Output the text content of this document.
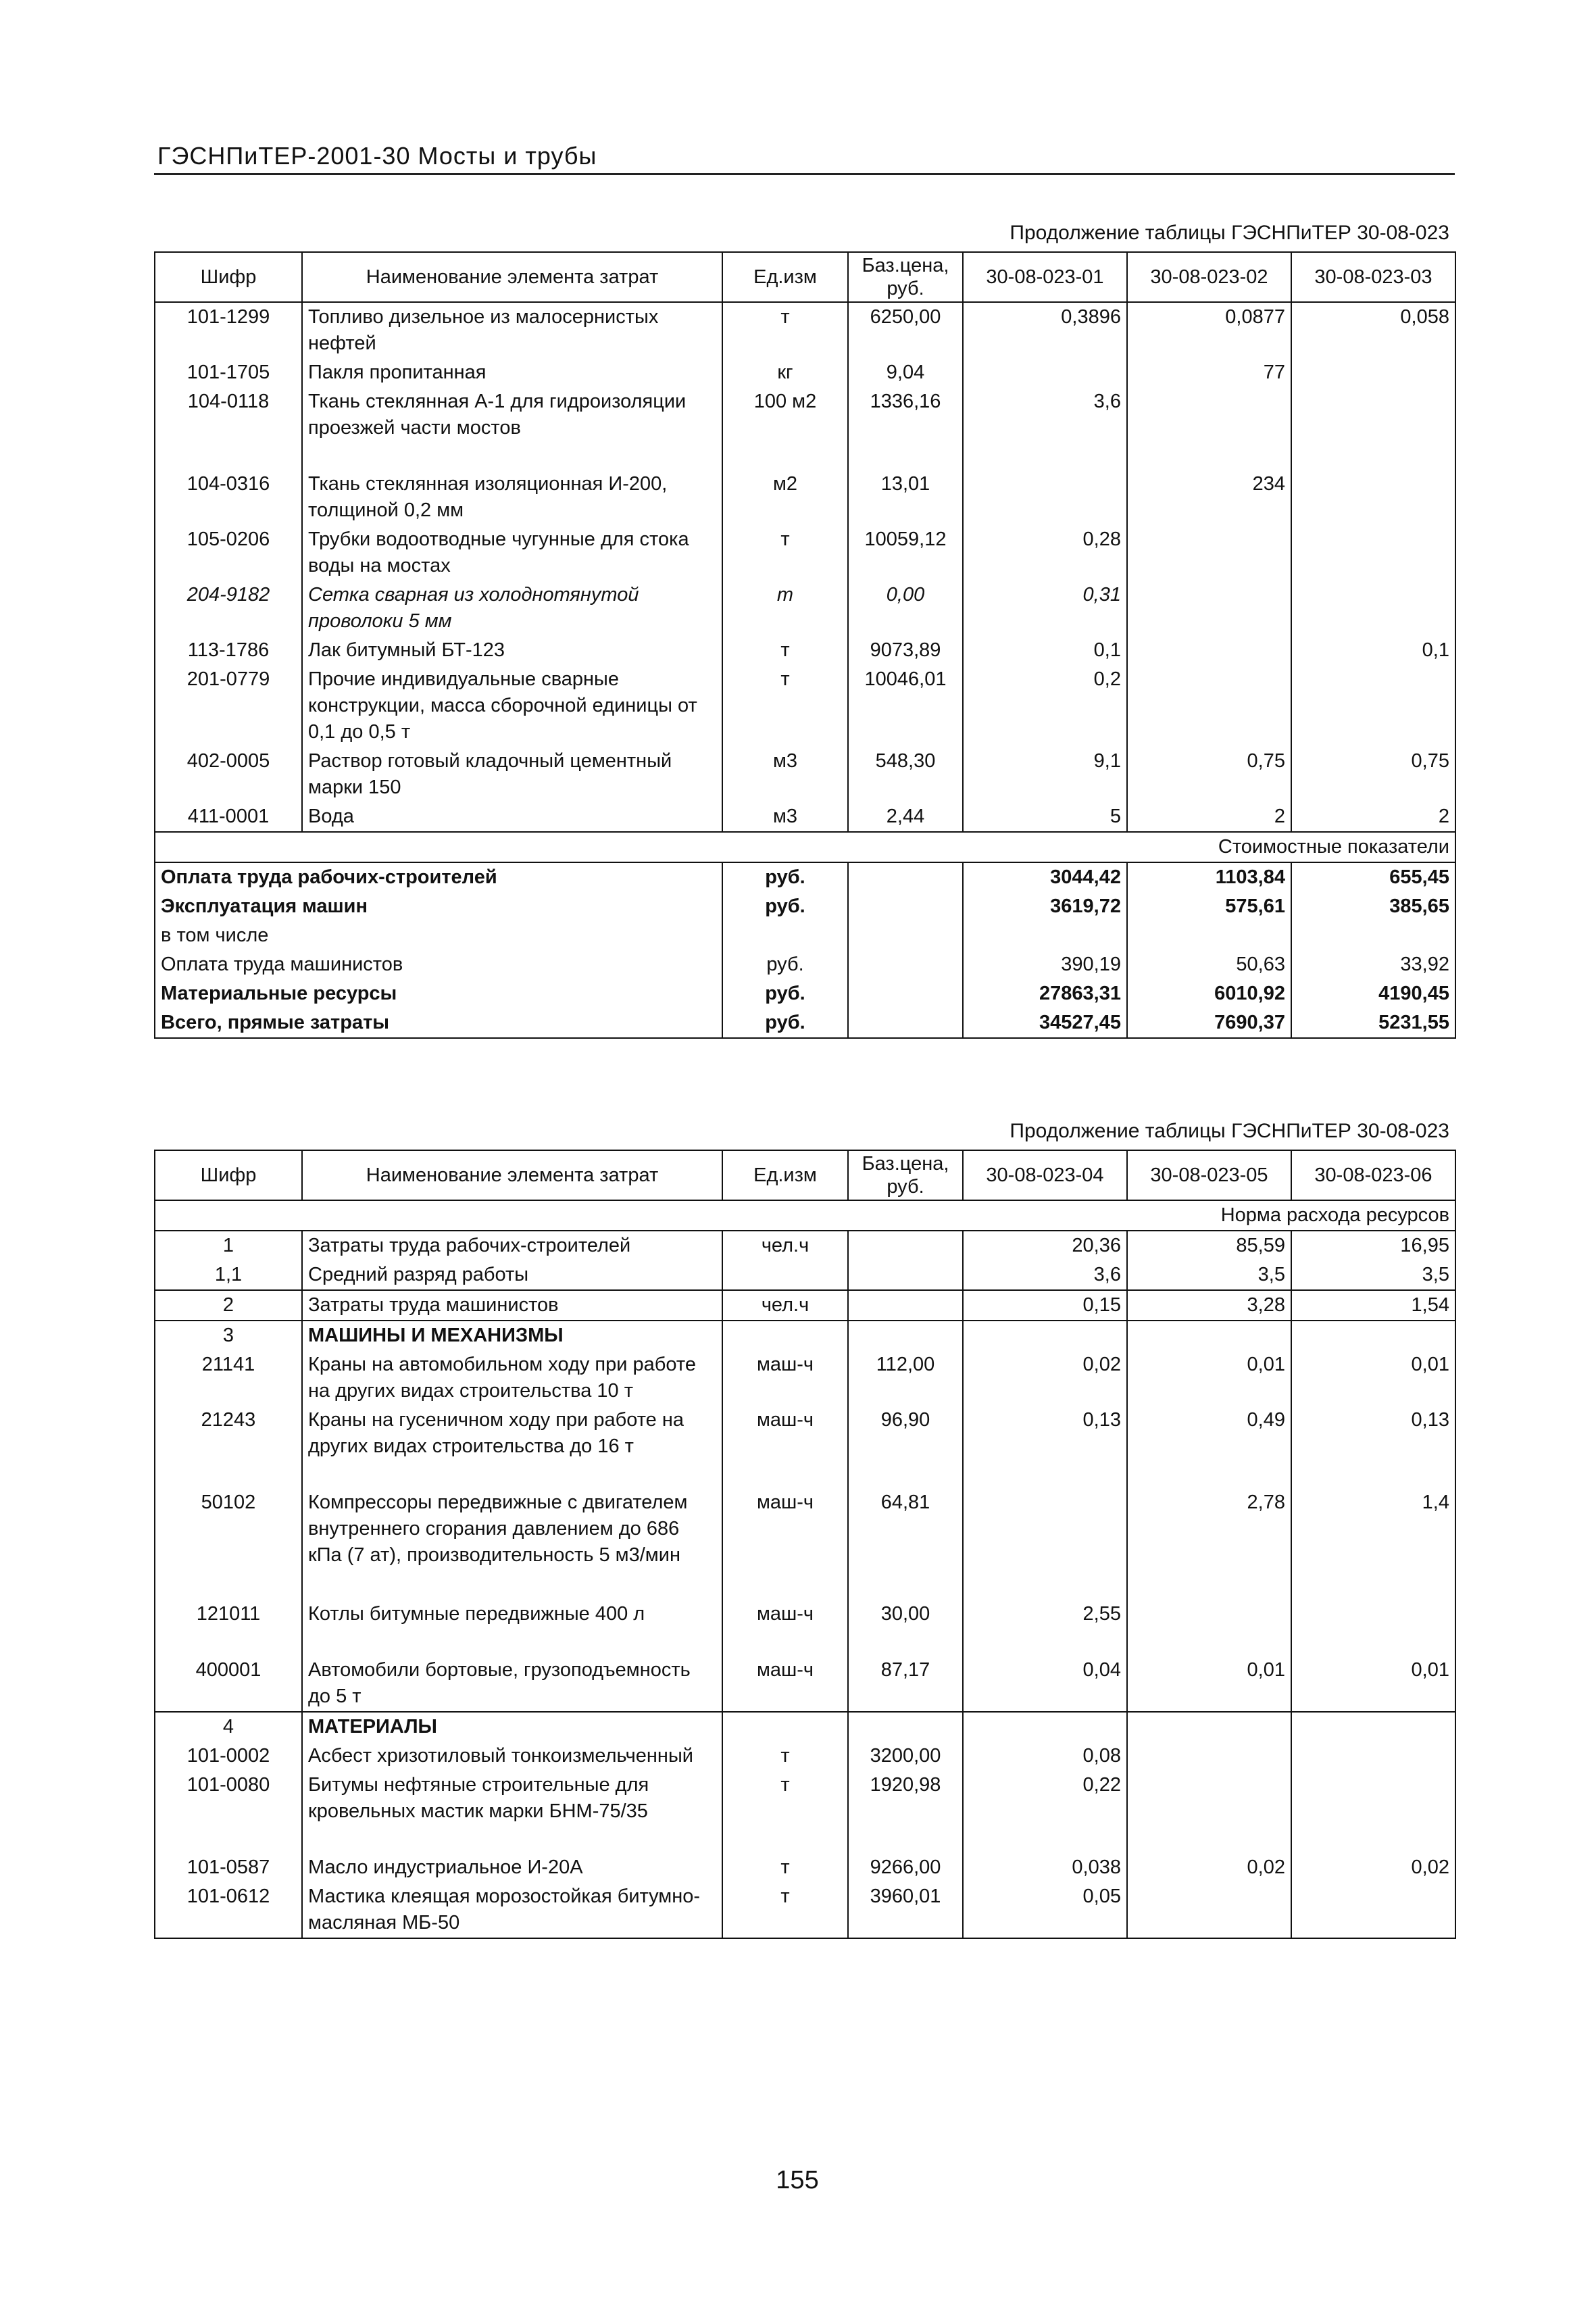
ГЭСНПиТЕР-2001-30 Мосты и трубы
Продолжение таблицы ГЭСНПиТЕР 30-08-023
Шифр	Наименование элемента затрат	Ед.изм	Баз.цена, руб.	30-08-023-01	30-08-023-02	30-08-023-03
101-1299	Топливо дизельное из малосернистых нефтей	т	6250,00	0,3896	0,0877	0,058
101-1705	Пакля пропитанная	кг	9,04		77	
104-0118	Ткань стеклянная А-1 для гидроизоляции проезжей части мостов	100 м2	1336,16	3,6		

104-0316	Ткань стеклянная изоляционная И-200, толщиной 0,2 мм	м2	13,01		234	
105-0206	Трубки водоотводные чугунные для стока воды на мостах	т	10059,12	0,28		
204-9182	Сетка сварная из холоднотянутой проволоки 5 мм	т	0,00	0,31		
113-1786	Лак битумный БТ-123	т	9073,89	0,1		0,1
201-0779	Прочие индивидуальные сварные конструкции, масса сборочной единицы от 0,1 до 0,5 т	т	10046,01	0,2		
402-0005	Раствор готовый кладочный цементный марки 150	м3	548,30	9,1	0,75	0,75
411-0001	Вода	м3	2,44	5	2	2
Стоимостные показатели						
Оплата труда рабочих-строителей		руб.		3044,42	1103,84	655,45
Эксплуатация машин		руб.		3619,72	575,61	385,65
в том числе						
Оплата труда машинистов		руб.		390,19	50,63	33,92
Материальные ресурсы		руб.		27863,31	6010,92	4190,45
Всего, прямые затраты		руб.		34527,45	7690,37	5231,55
Продолжение таблицы ГЭСНПиТЕР 30-08-023
Шифр	Наименование элемента затрат	Ед.изм	Баз.цена, руб.	30-08-023-04	30-08-023-05	30-08-023-06
Норма расхода ресурсов						
1	Затраты труда рабочих-строителей	чел.ч		20,36	85,59	16,95
1,1	Средний разряд работы			3,6	3,5	3,5
2	Затраты труда машинистов	чел.ч		0,15	3,28	1,54
3	МАШИНЫ И МЕХАНИЗМЫ					
21141	Краны на автомобильном ходу при работе на других видах строительства 10 т	маш-ч	112,00	0,02	0,01	0,01
21243	Краны на гусеничном ходу при работе на других видах строительства до 16 т	маш-ч	96,90	0,13	0,49	0,13

50102	Компрессоры передвижные с двигателем внутреннего сгорания давлением до 686 кПа (7 ат), производительность 5 м3/мин	маш-ч	64,81		2,78	1,4

121011	Котлы битумные передвижные 400 л	маш-ч	30,00	2,55		

400001	Автомобили бортовые, грузоподъемность до 5 т	маш-ч	87,17	0,04	0,01	0,01
4	МАТЕРИАЛЫ					
101-0002	Асбест хризотиловый тонкоизмельченный	т	3200,00	0,08		
101-0080	Битумы нефтяные строительные для кровельных мастик марки БНМ-75/35	т	1920,98	0,22		

101-0587	Масло индустриальное И-20А	т	9266,00	0,038	0,02	0,02
101-0612	Мастика клеящая морозостойкая битумно-масляная МБ-50	т	3960,01	0,05		
155
